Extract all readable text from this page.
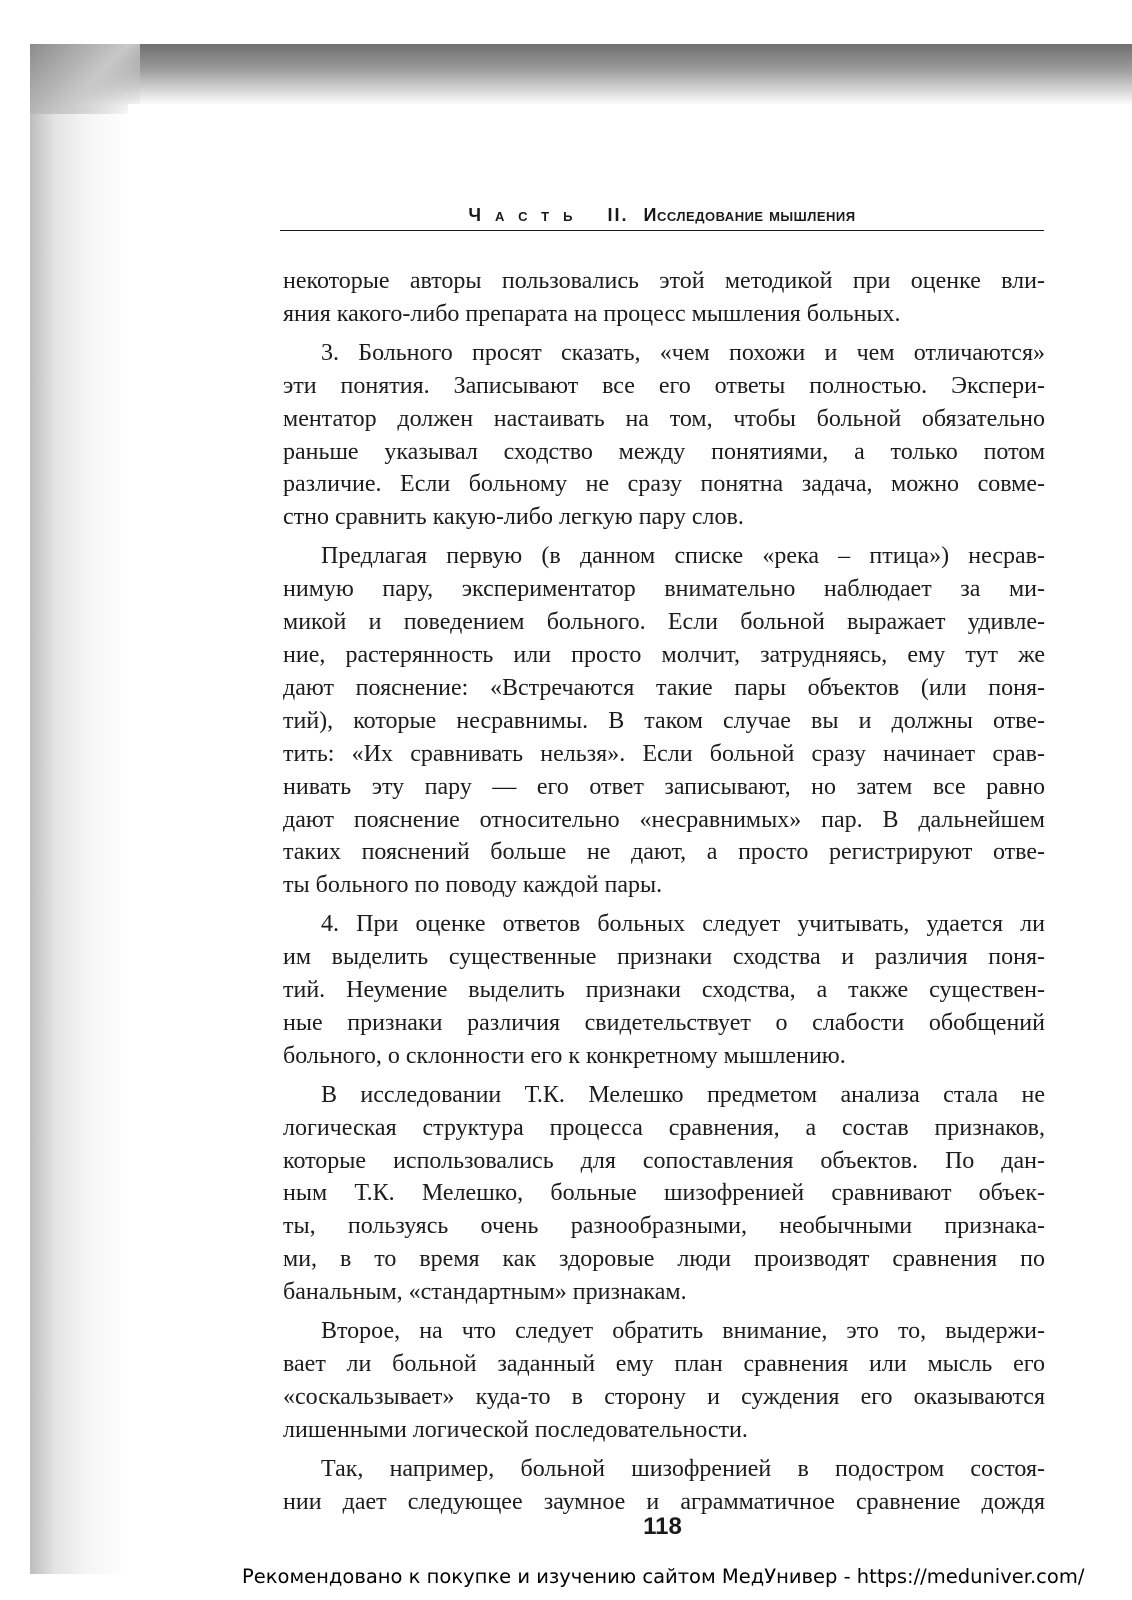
Часть II. Исследование мышления
некоторые авторы пользовались этой методикой при оценке вли-
яния какого-либо препарата на процесс мышления больных.
3. Больного просят сказать, «чем похожи и чем отличаются»
эти понятия. Записывают все его ответы полностью. Экспери-
ментатор должен настаивать на том, чтобы больной обязательно
раньше указывал сходство между понятиями, а только потом
различие. Если больному не сразу понятна задача, можно совме-
стно сравнить какую-либо легкую пару слов.
Предлагая первую (в данном списке «река – птица») несрав-
нимую пару, экспериментатор внимательно наблюдает за ми-
микой и поведением больного. Если больной выражает удивле-
ние, растерянность или просто молчит, затрудняясь, ему тут же
дают пояснение: «Встречаются такие пары объектов (или поня-
тий), которые несравнимы. В таком случае вы и должны отве-
тить: «Их сравнивать нельзя». Если больной сразу начинает срав-
нивать эту пару — его ответ записывают, но затем все равно
дают пояснение относительно «несравнимых» пар. В дальнейшем
таких пояснений больше не дают, а просто регистрируют отве-
ты больного по поводу каждой пары.
4. При оценке ответов больных следует учитывать, удается ли
им выделить существенные признаки сходства и различия поня-
тий. Неумение выделить признаки сходства, а также существен-
ные признаки различия свидетельствует о слабости обобщений
больного, о склонности его к конкретному мышлению.
В исследовании Т.К. Мелешко предметом анализа стала не
логическая структура процесса сравнения, а состав признаков,
которые использовались для сопоставления объектов. По дан-
ным Т.К. Мелешко, больные шизофренией сравнивают объек-
ты, пользуясь очень разнообразными, необычными признака-
ми, в то время как здоровые люди производят сравнения по
банальным, «стандартным» признакам.
Второе, на что следует обратить внимание, это то, выдержи-
вает ли больной заданный ему план сравнения или мысль его
«соскальзывает» куда-то в сторону и суждения его оказываются
лишенными логической последовательности.
Так, например, больной шизофренией в подостром состоя-
нии дает следующее заумное и аграмматичное сравнение дождя
118
Рекомендовано к покупке и изучению сайтом МедУнивер - https://meduniver.com/
